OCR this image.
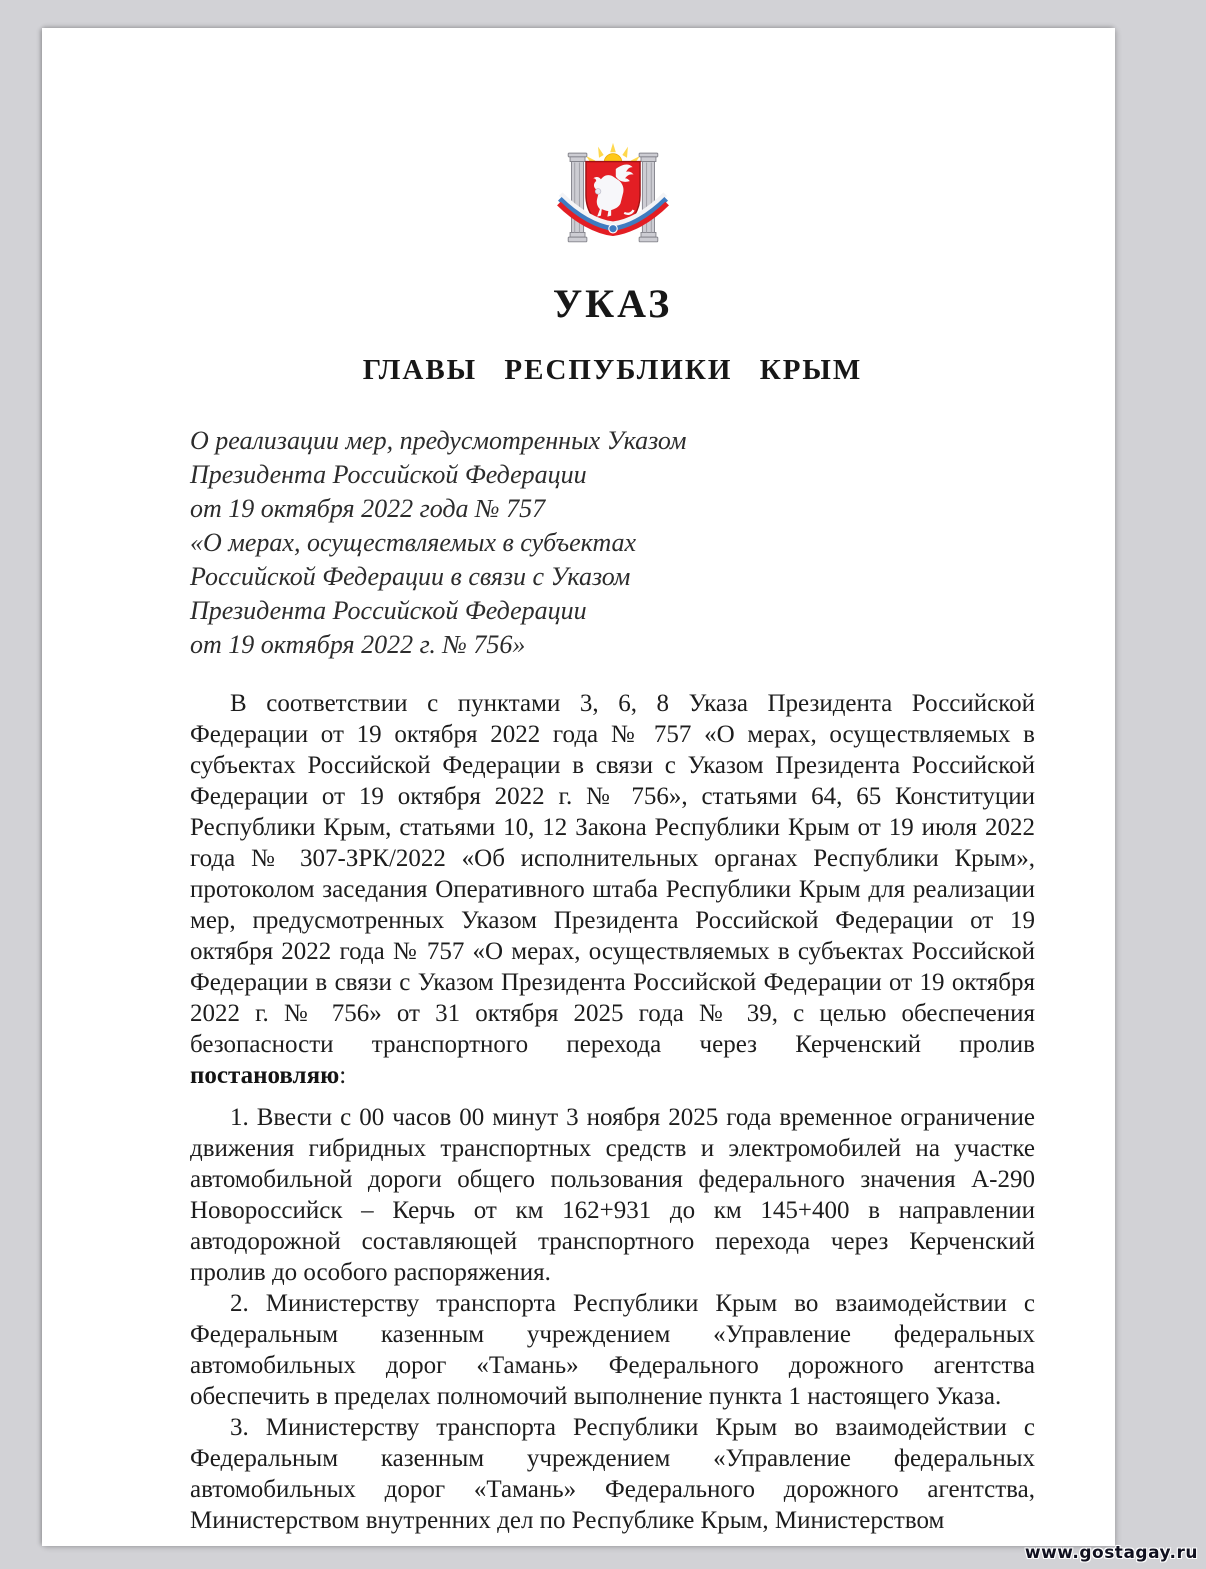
УКАЗ
ГЛАВЫ РЕСПУБЛИКИ КРЫМ
О реализации мер, предусмотренных Указом
Президента Российской Федерации
от 19 октября 2022 года № 757
«О мерах, осуществляемых в субъектах
Российской Федерации в связи с Указом
Президента Российской Федерации
от 19 октября 2022 г. № 756»

В соответствии с пунктами 3, 6, 8 Указа Президента Российской Федерации от 19 октября 2022 года № 757 «О мерах, осуществляемых в субъектах Российской Федерации в связи с Указом Президента Российской Федерации от 19 октября 2022 г. № 756», статьями 64, 65 Конституции Республики Крым, статьями 10, 12 Закона Республики Крым от 19 июля 2022 года № 307-ЗРК/2022 «Об исполнительных органах Республики Крым», протоколом заседания Оперативного штаба Республики Крым для реализации мер, предусмотренных Указом Президента Российской Федерации от 19 октября 2022 года № 757 «О мерах, осуществляемых в субъектах Российской Федерации в связи с Указом Президента Российской Федерации от 19 октября 2022 г. № 756» от 31 октября 2025 года № 39, с целью обеспечения безопасности транспортного перехода через Керченский пролив

постановляю:

1. Ввести с 00 часов 00 минут 3 ноября 2025 года временное ограничение движения гибридных транспортных средств и электромобилей на участке автомобильной дороги общего пользования федерального значения А-290 Новороссийск – Керчь от км 162+931 до км 145+400 в направлении автодорожной составляющей транспортного перехода через Керченский пролив до особого распоряжения.

2. Министерству транспорта Республики Крым во взаимодействии с Федеральным казенным учреждением «Управление федеральных автомобильных дорог «Тамань» Федерального дорожного агентства обеспечить в пределах полномочий выполнение пункта 1 настоящего Указа.

3. Министерству транспорта Республики Крым во взаимодействии с Федеральным казенным учреждением «Управление федеральных автомобильных дорог «Тамань» Федерального дорожного агентства, Министерством внутренних дел по Республике Крым, Министерством

www.gostagay.ru
